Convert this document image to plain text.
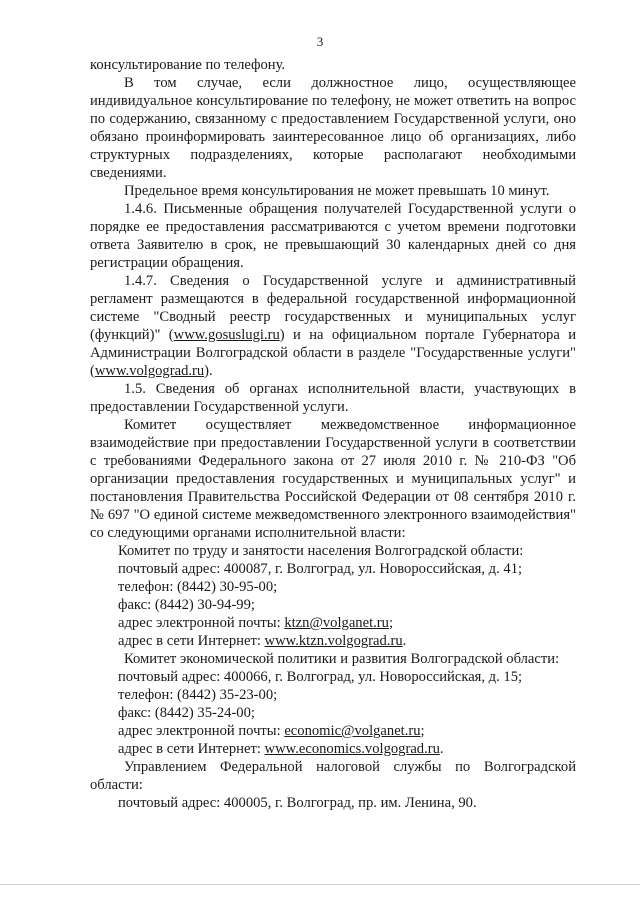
3

консультирование по телефону.

В том случае, если должностное лицо, осуществляющее индивидуальное консультирование по телефону, не может ответить на вопрос по содержанию, связанному с предоставлением Государственной услуги, оно обязано проинформировать заинтересованное лицо об организациях, либо структурных подразделениях, которые располагают необходимыми сведениями.

Предельное время консультирования не может превышать 10 минут.

1.4.6. Письменные обращения получателей Государственной услуги о порядке ее предоставления рассматриваются с учетом времени подготовки ответа Заявителю в срок, не превышающий 30 календарных дней со дня регистрации обращения.

1.4.7. Сведения о Государственной услуге и административный регламент размещаются в федеральной государственной информационной системе "Сводный реестр государственных и муниципальных услуг (функций)" (www.gosuslugi.ru) и на официальном портале Губернатора и Администрации Волгоградской области в разделе "Государственные услуги" (www.volgograd.ru).

1.5. Сведения об органах исполнительной власти, участвующих в предоставлении Государственной услуги.

Комитет осуществляет межведомственное информационное взаимодействие при предоставлении Государственной услуги в соответствии с требованиями Федерального закона от 27 июля 2010 г. № 210-ФЗ "Об организации предоставления государственных и муниципальных услуг" и постановления Правительства Российской Федерации от 08 сентября 2010 г. № 697 "О единой системе межведомственного электронного взаимодействия" со следующими органами исполнительной власти:

Комитет по труду и занятости населения Волгоградской области:

почтовый адрес: 400087, г. Волгоград, ул. Новороссийская, д. 41;

телефон: (8442) 30-95-00;

факс: (8442) 30-94-99;

адрес электронной почты: ktzn@volganet.ru;

адрес в сети Интернет: www.ktzn.volgograd.ru.

Комитет экономической политики и развития Волгоградской области:

почтовый адрес: 400066, г. Волгоград, ул. Новороссийская, д. 15;

телефон: (8442) 35-23-00;

факс: (8442) 35-24-00;

адрес электронной почты: economic@volganet.ru;

адрес в сети Интернет: www.economics.volgograd.ru.

Управлением Федеральной налоговой службы по Волгоградской области:

почтовый адрес: 400005, г. Волгоград, пр. им. Ленина, 90.
